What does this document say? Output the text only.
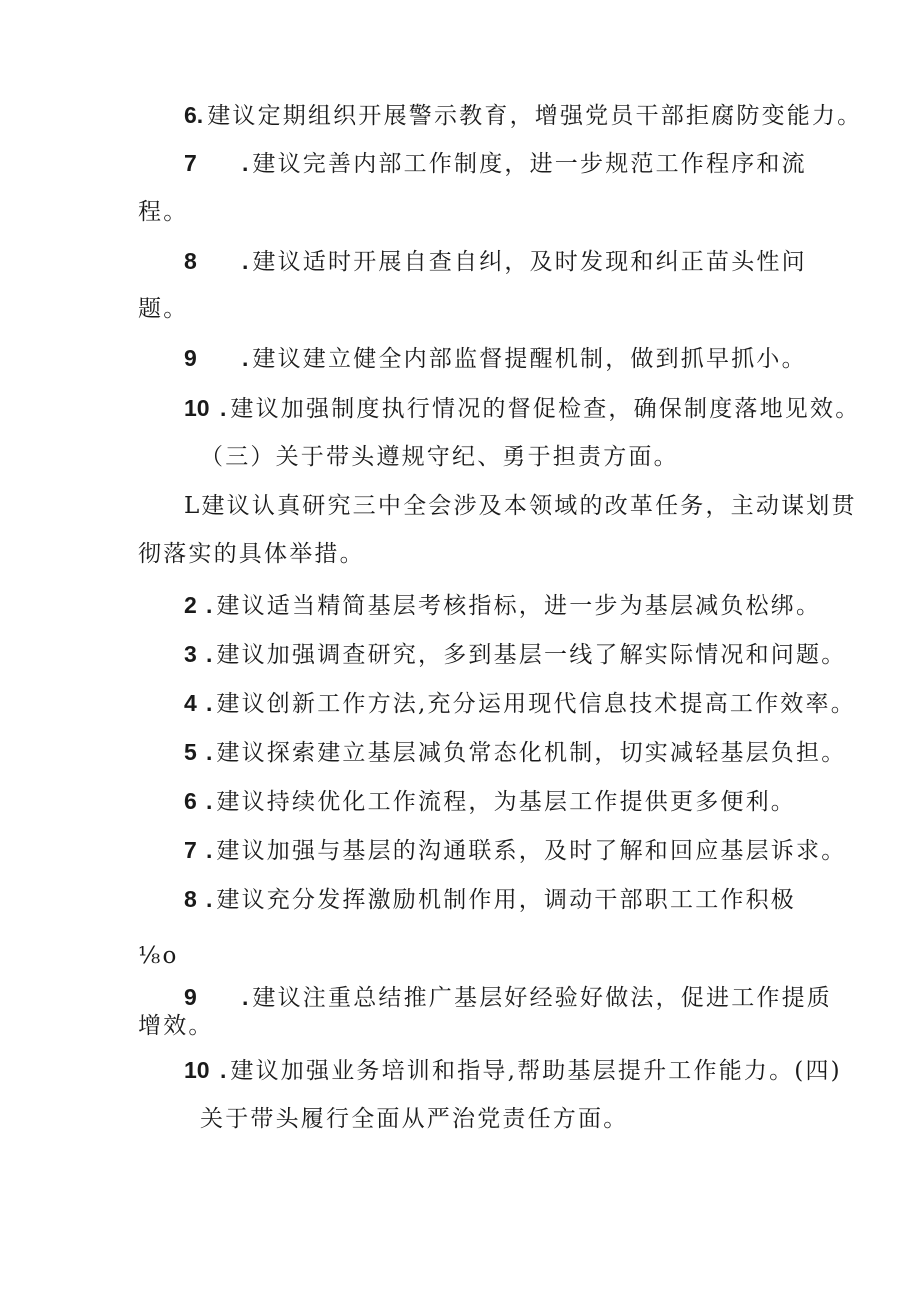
6. 建议定期组织开展警示教育，增强党员干部拒腐防变能力。
7 . 建议完善内部工作制度，进一步规范工作程序和流
程。
8 . 建议适时开展自查自纠，及时发现和纠正苗头性问
题。
9 . 建议建立健全内部监督提醒机制，做到抓早抓小。
10 . 建议加强制度执行情况的督促检查，确保制度落地见效。
（三）关于带头遵规守纪、勇于担责方面。
L建议认真研究三中全会涉及本领域的改革任务，主动谋划贯
彻落实的具体举措。
2 . 建议适当精简基层考核指标，进一步为基层减负松绑。
3 . 建议加强调查研究，多到基层一线了解实际情况和问题。
4 . 建议创新工作方法,充分运用现代信息技术提高工作效率。
5 . 建议探索建立基层减负常态化机制，切实减轻基层负担。
6 . 建议持续优化工作流程，为基层工作提供更多便利。
7 . 建议加强与基层的沟通联系，及时了解和回应基层诉求。
8 . 建议充分发挥激励机制作用，调动干部职工工作积极
⅛o
9 . 建议注重总结推广基层好经验好做法，促进工作提质
增效。
10 . 建议加强业务培训和指导,帮助基层提升工作能力。(四)
关于带头履行全面从严治党责任方面。
